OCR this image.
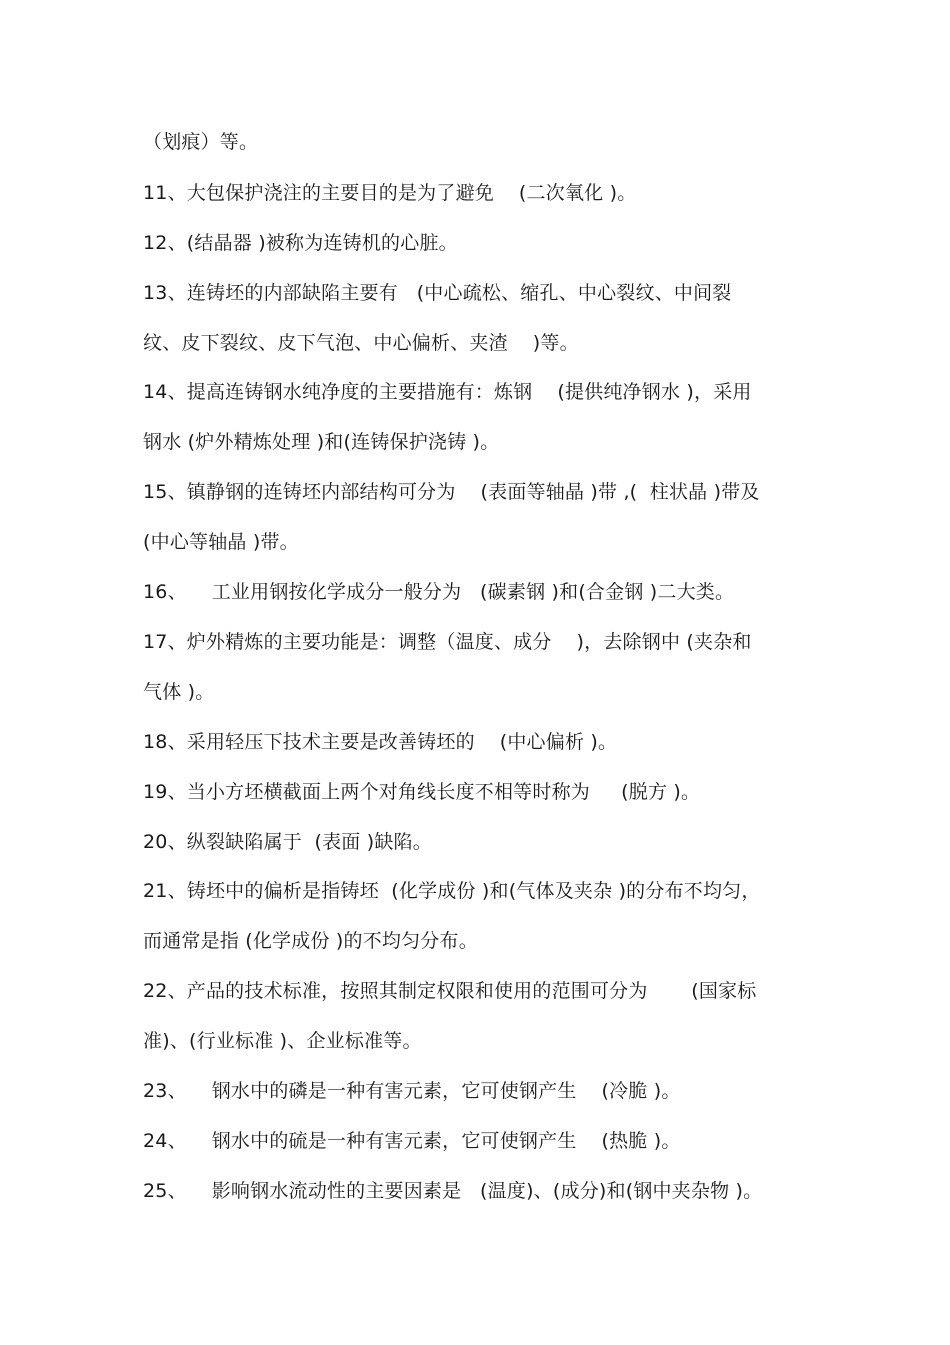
（划痕）等。

11、大包保护浇注的主要目的是为了避免    (二次氧化 )。

12、(结晶器 )被称为连铸机的心脏。

13、连铸坯的内部缺陷主要有   (中心疏松、缩孔、中心裂纹、中间裂

纹、皮下裂纹、皮下气泡、中心偏析、夹渣    )等。

14、提高连铸钢水纯净度的主要措施有：炼钢    (提供纯净钢水 )，采用

钢水 (炉外精炼处理 )和(连铸保护浇铸 )。

15、镇静钢的连铸坯内部结构可分为    (表面等轴晶 )带 ,(  柱状晶 )带及

(中心等轴晶 )带。

16、    工业用钢按化学成分一般分为   (碳素钢 )和(合金钢 )二大类。

17、炉外精炼的主要功能是：调整（温度、成分    )，去除钢中 (夹杂和

气体 )。

18、采用轻压下技术主要是改善铸坯的    (中心偏析 )。

19、当小方坯横截面上两个对角线长度不相等时称为     (脱方 )。

20、纵裂缺陷属于  (表面 )缺陷。

21、铸坯中的偏析是指铸坯  (化学成份 )和(气体及夹杂 )的分布不均匀，

而通常是指 (化学成份 )的不均匀分布。

22、产品的技术标准，按照其制定权限和使用的范围可分为       (国家标

准)、(行业标准 )、企业标准等。

23、    钢水中的磷是一种有害元素，它可使钢产生    (冷脆 )。

24、    钢水中的硫是一种有害元素，它可使钢产生    (热脆 )。

25、    影响钢水流动性的主要因素是   (温度)、(成分)和(钢中夹杂物 )。
